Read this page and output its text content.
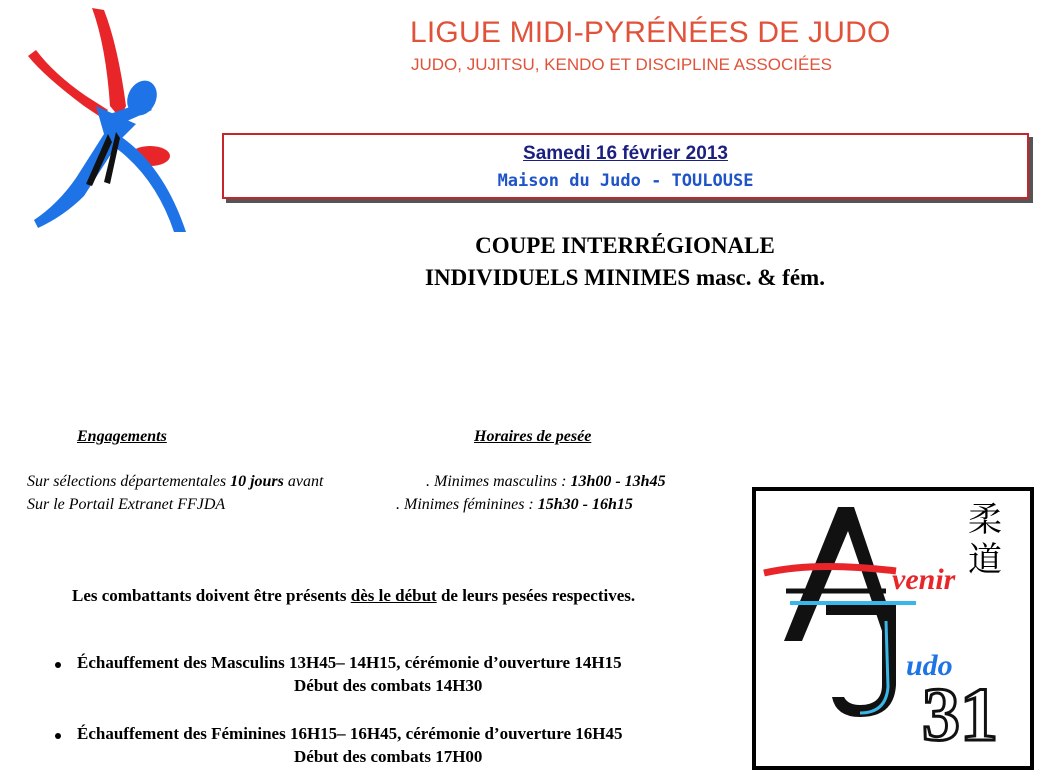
LIGUE MIDI-PYRÉNÉES DE JUDO
JUDO, JUJITSU, KENDO ET DISCIPLINE ASSOCIÉES
Samedi 16 février 2013
Maison du Judo - TOULOUSE
COUPE INTERRÉGIONALE
INDIVIDUELS MINIMES masc. & fém.
Engagements
Sur sélections départementales 10 jours avant
Sur le Portail Extranet FFJDA
Horaires de pesée
. Minimes masculins : 13h00 - 13h45
. Minimes féminines : 15h30 - 16h15
Les combattants doivent être présents dès le début de leurs pesées respectives.
Échauffement des Masculins 13H45– 14H15, cérémonie d’ouverture 14H15
Début des combats 14H30
Échauffement des Féminines 16H15– 16H45, cérémonie d’ouverture 16H45
Début des combats 17H00
柔
道
venir
udo
31
